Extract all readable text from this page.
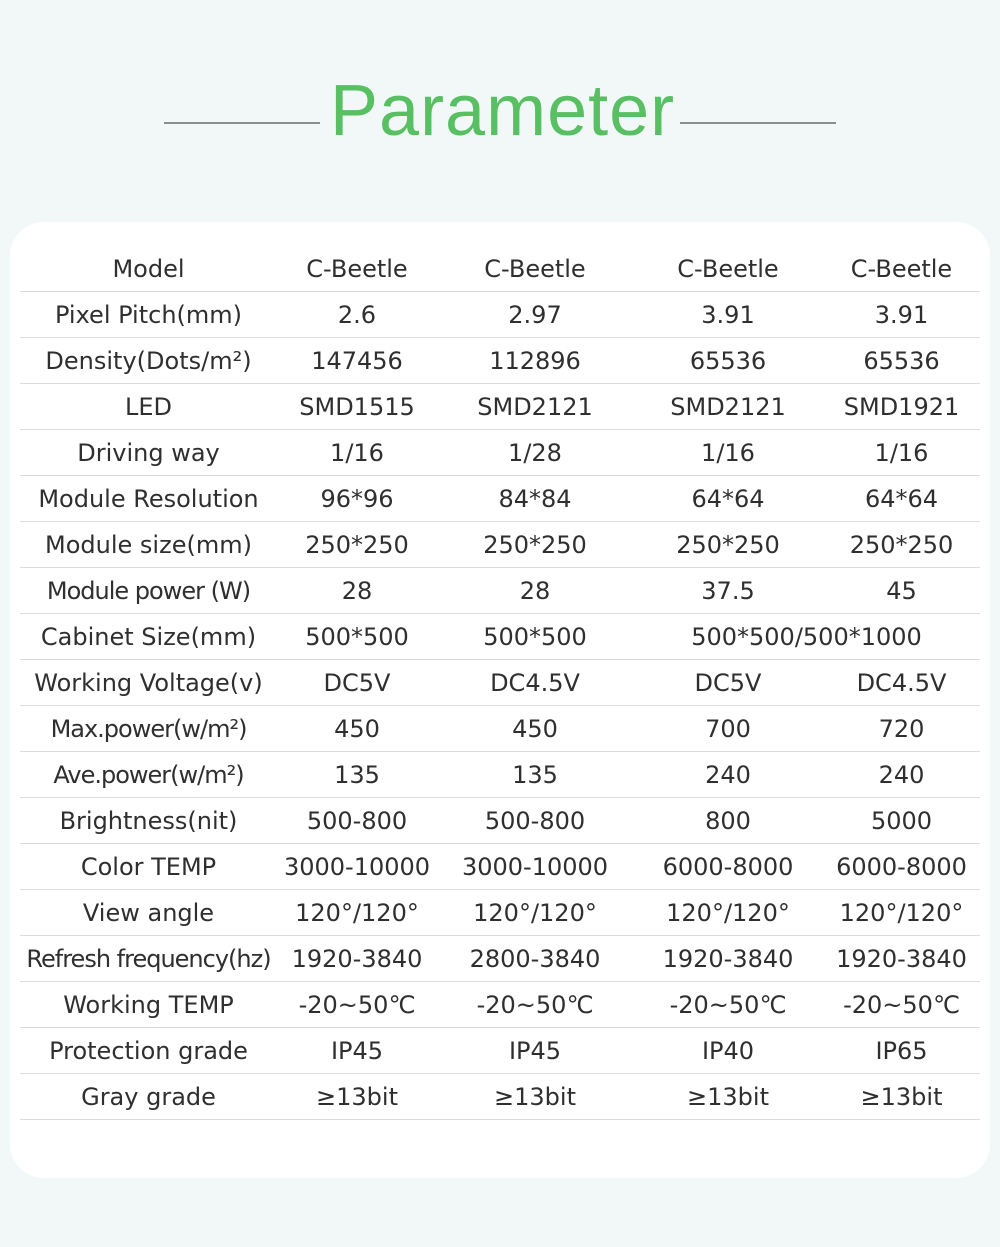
Parameter
Model	C-Beetle	C-Beetle	C-Beetle	C-Beetle
Pixel Pitch(mm)	2.6	2.97	3.91	3.91
Density(Dots/m²)	147456	112896	65536	65536
LED	SMD1515	SMD2121	SMD2121	SMD1921
Driving way	1/16	1/28	1/16	1/16
Module Resolution	96*96	84*84	64*64	64*64
Module size(mm)	250*250	250*250	250*250	250*250
Module power (W)	28	28	37.5	45
Cabinet Size(mm)	500*500	500*500	500*500/500*1000	
Working Voltage(v)	DC5V	DC4.5V	DC5V	DC4.5V
Max.power(w/m²)	450	450	700	720
Ave.power(w/m²)	135	135	240	240
Brightness(nit)	500-800	500-800	800	5000
Color TEMP	3000-10000	3000-10000	6000-8000	6000-8000
View angle	120°/120°	120°/120°	120°/120°	120°/120°
Refresh frequency(hz)	1920-3840	2800-3840	1920-3840	1920-3840
Working TEMP	-20~50℃	-20~50℃	-20~50℃	-20~50℃
Protection grade	IP45	IP45	IP40	IP65
Gray grade	≥13bit	≥13bit	≥13bit	≥13bit
